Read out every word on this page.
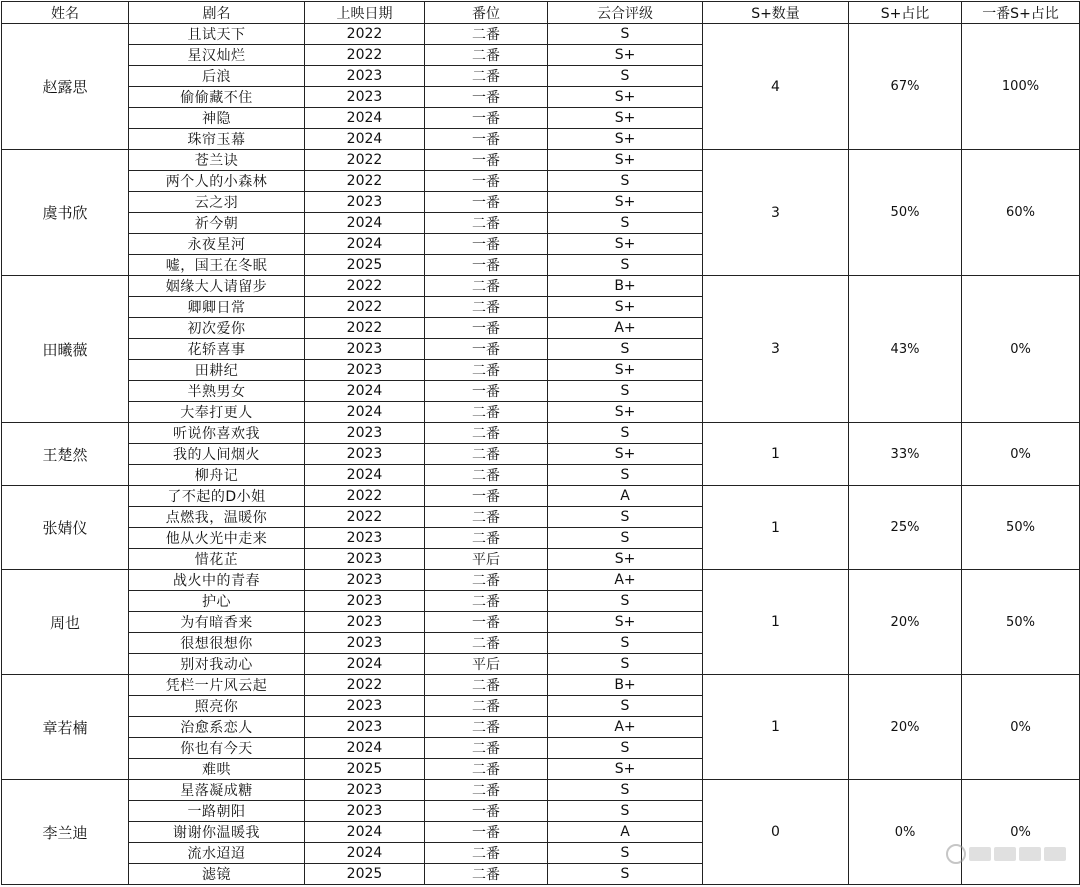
姓名	剧名	上映日期	番位	云合评级	S+数量	S+占比	一番S+占比
赵露思	且试天下	2022	二番	S	4	67%	100%
	星汉灿烂	2022	二番	S+			
	后浪	2023	二番	S			
	偷偷藏不住	2023	一番	S+			
	神隐	2024	一番	S+			
	珠帘玉幕	2024	一番	S+			
虞书欣	苍兰诀	2022	一番	S+	3	50%	60%
	两个人的小森林	2022	一番	S			
	云之羽	2023	一番	S+			
	祈今朝	2024	二番	S			
	永夜星河	2024	一番	S+			
	嘘，国王在冬眠	2025	一番	S			
田曦薇	姻缘大人请留步	2022	二番	B+	3	43%	0%
	卿卿日常	2022	二番	S+			
	初次爱你	2022	一番	A+			
	花轿喜事	2023	一番	S			
	田耕纪	2023	二番	S+			
	半熟男女	2024	一番	S			
	大奉打更人	2024	二番	S+			
王楚然	听说你喜欢我	2023	二番	S	1	33%	0%
	我的人间烟火	2023	二番	S+			
	柳舟记	2024	二番	S			
张婧仪	了不起的D小姐	2022	一番	A	1	25%	50%
	点燃我，温暖你	2022	二番	S			
	他从火光中走来	2023	二番	S			
	惜花芷	2023	平后	S+			
周也	战火中的青春	2023	二番	A+	1	20%	50%
	护心	2023	二番	S			
	为有暗香来	2023	一番	S+			
	很想很想你	2023	二番	S			
	别对我动心	2024	平后	S			
章若楠	凭栏一片风云起	2022	二番	B+	1	20%	0%
	照亮你	2023	二番	S			
	治愈系恋人	2023	二番	A+			
	你也有今天	2024	二番	S			
	难哄	2025	二番	S+			
李兰迪	星落凝成糖	2023	二番	S	0	0%	0%
	一路朝阳	2023	一番	S			
	谢谢你温暖我	2024	一番	A			
	流水迢迢	2024	二番	S			
	滤镜	2025	二番	S			
